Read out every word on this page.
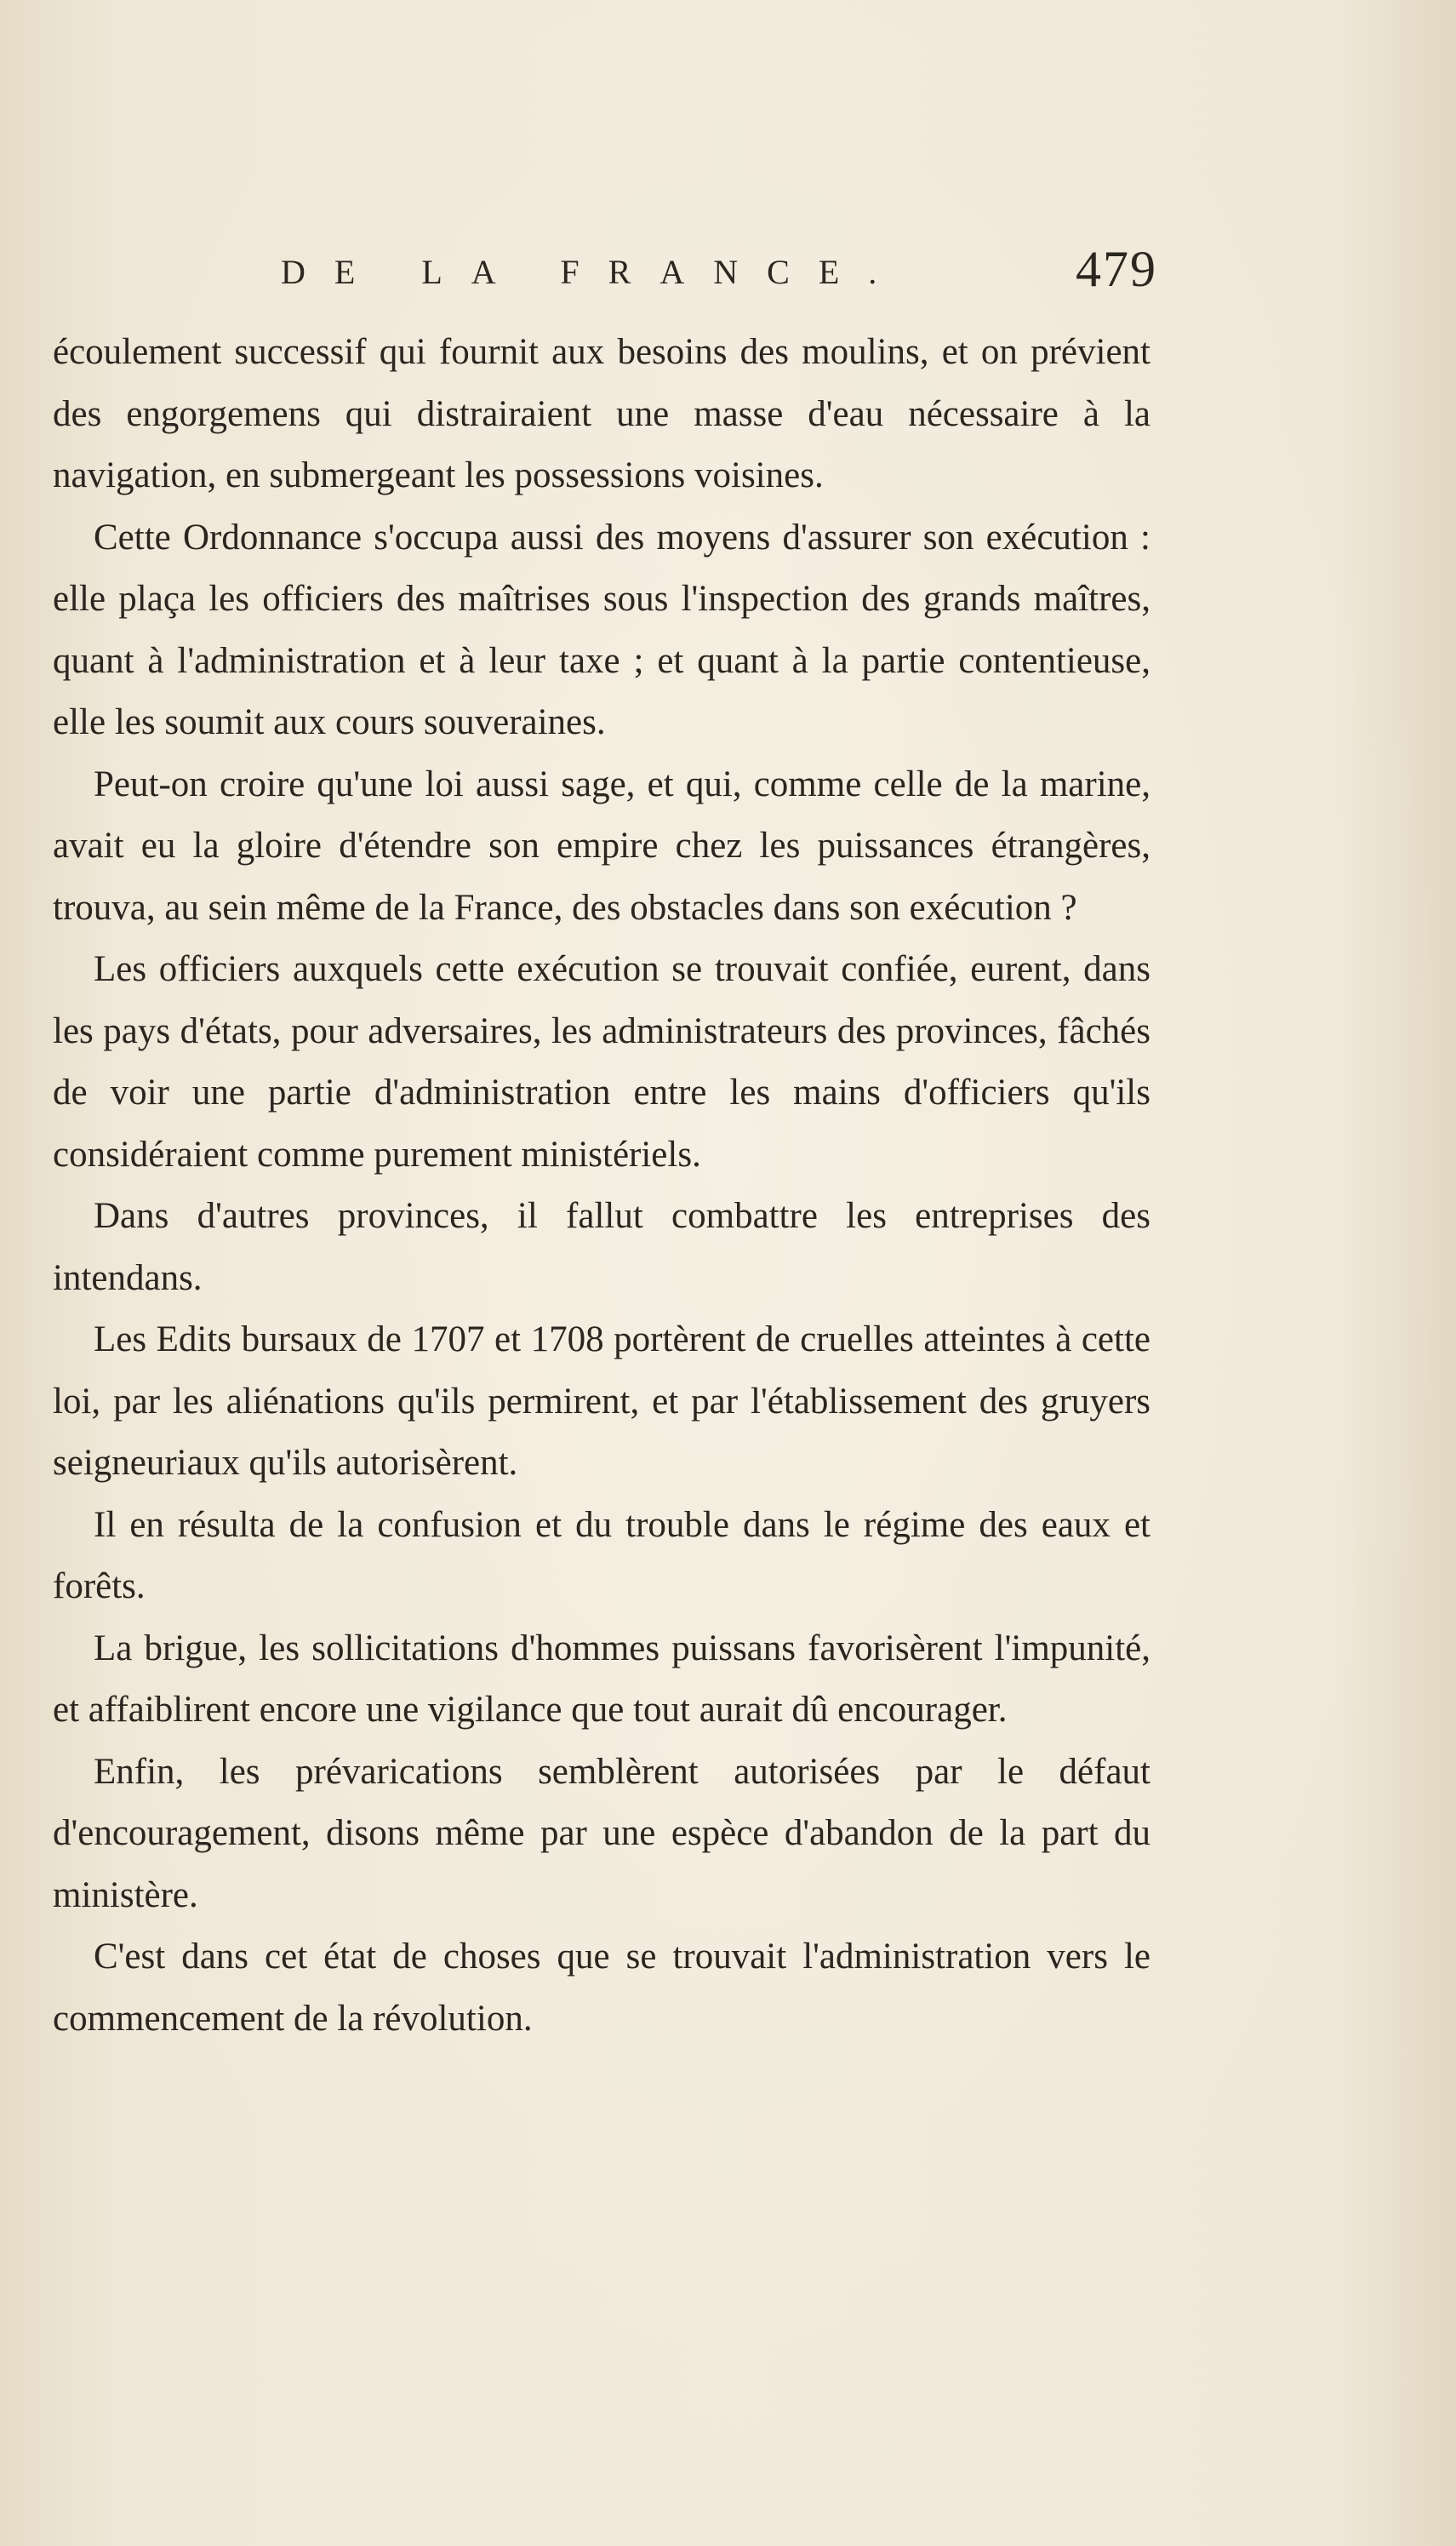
DE LA FRANCE.	479

écoulement successif qui fournit aux besoins des moulins, et on prévient des engorgemens qui distrairaient une masse d'eau nécessaire à la navigation, en submergeant les possessions voisines.

Cette Ordonnance s'occupa aussi des moyens d'assurer son exécution : elle plaça les officiers des maîtrises sous l'inspection des grands maîtres, quant à l'administration et à leur taxe ; et quant à la partie contentieuse, elle les soumit aux cours souveraines.

Peut-on croire qu'une loi aussi sage, et qui, comme celle de la marine, avait eu la gloire d'étendre son empire chez les puissances étrangères, trouva, au sein même de la France, des obstacles dans son exécution ?

Les officiers auxquels cette exécution se trouvait confiée, eurent, dans les pays d'états, pour adversaires, les administrateurs des provinces, fâchés de voir une partie d'administration entre les mains d'officiers qu'ils considéraient comme purement ministériels.

Dans d'autres provinces, il fallut combattre les entreprises des intendans.

Les Edits bursaux de 1707 et 1708 portèrent de cruelles atteintes à cette loi, par les aliénations qu'ils permirent, et par l'établissement des gruyers seigneuriaux qu'ils autorisèrent.

Il en résulta de la confusion et du trouble dans le régime des eaux et forêts.

La brigue, les sollicitations d'hommes puissans favorisèrent l'impunité, et affaiblirent encore une vigilance que tout aurait dû encourager.

Enfin, les prévarications semblèrent autorisées par le défaut d'encouragement, disons même par une espèce d'abandon de la part du ministère.

C'est dans cet état de choses que se trouvait l'administration vers le commencement de la révolution.
